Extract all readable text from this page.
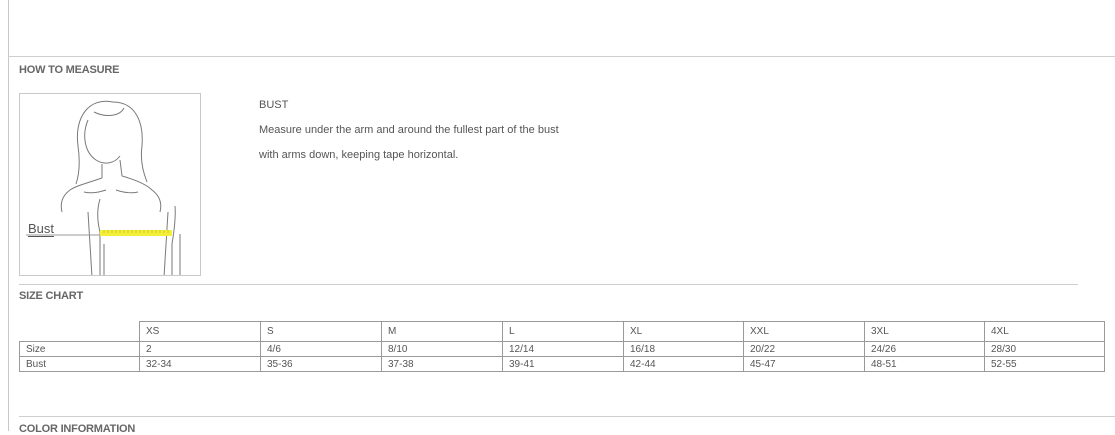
HOW TO MEASURE
Bust
BUST
Measure under the arm and around the fullest part of the bust
with arms down, keeping tape horizontal.
SIZE CHART
	XS	S	M	L	XL	XXL	3XL	4XL
Size	2	4/6	8/10	12/14	16/18	20/22	24/26	28/30
Bust	32-34	35-36	37-38	39-41	42-44	45-47	48-51	52-55
COLOR INFORMATION
